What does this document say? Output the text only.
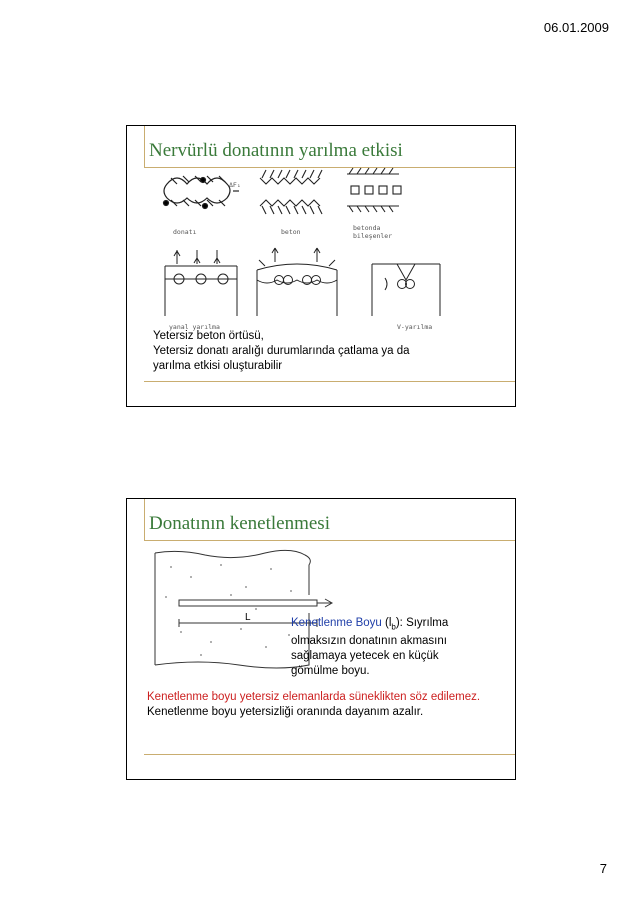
06.01.2009
Nervürlü donatının yarılma etkisi
ΔF₁
donatı	beton	betonda
bileşenler
yanal yarılma	V-yarılma
Yetersiz beton örtüsü,
Yetersiz donatı aralığı durumlarında çatlama ya da
yarılma etkisi oluşturabilir
Donatının kenetlenmesi
L	Kenetlenme Boyu $(l_b)$: Sıyrılma
olmaksızın donatının akmasını
sağlamaya yetecek en küçük
gömülme boyu.
Kenetlenme boyu yetersiz elemanlarda süneklikten söz edilemez. Kenetlenme boyu yetersizliği oranında dayanım azalır.
7
